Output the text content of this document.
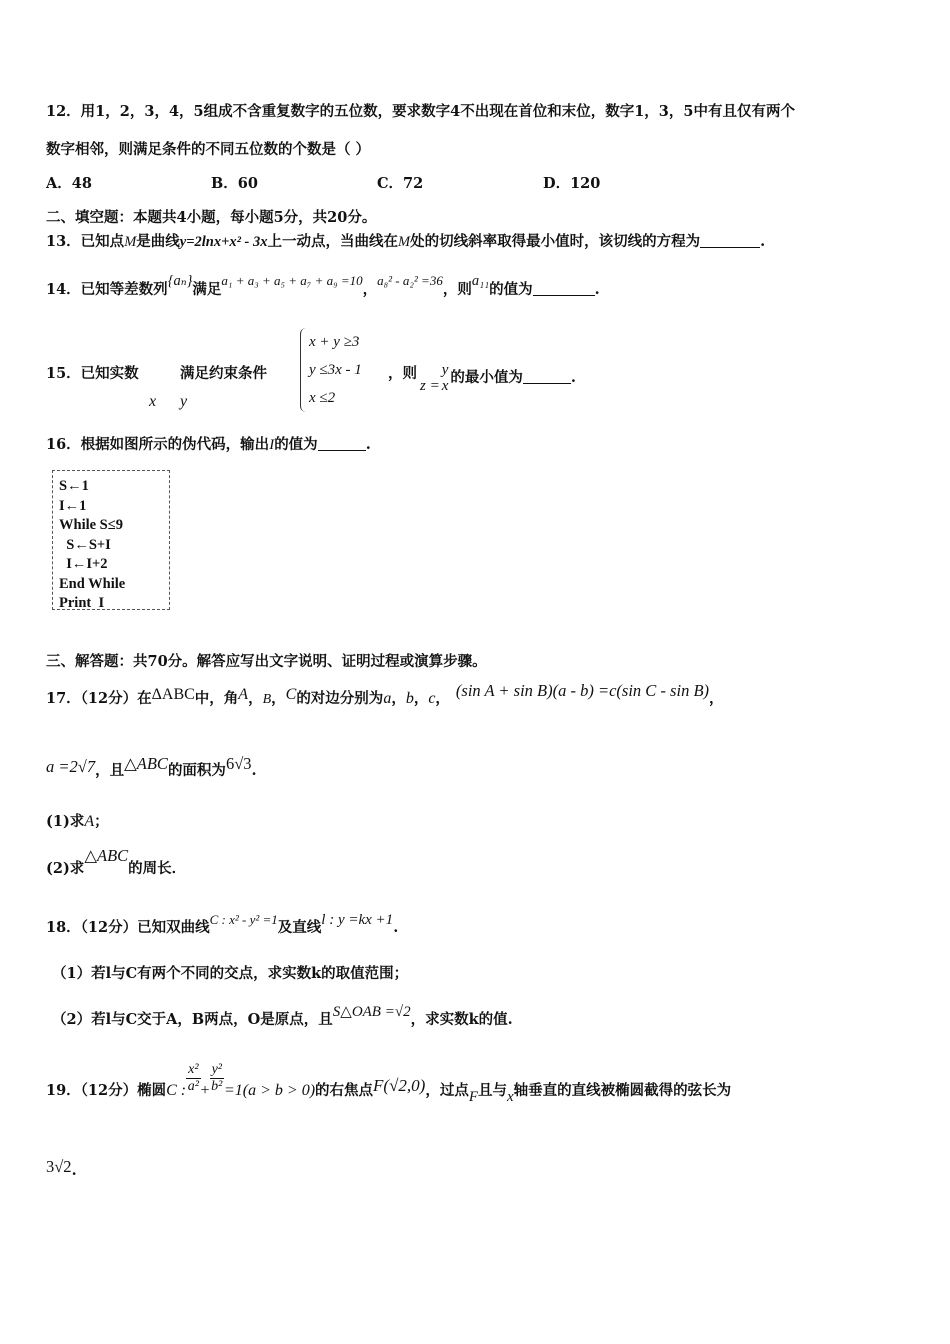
12．用1，2，3，4，5组成不含重复数字的五位数，要求数字4不出现在首位和末位，数字1，3，5中有且仅有两个
数字相邻，则满足条件的不同五位数的个数是（ ）
A．48	B．60	C．72	D．120
二、填空题：本题共4小题，每小题5分，共20分。
13．已知点M是曲线y=2lnx+x² - 3x上一动点，当曲线在M处的切线斜率取得最小值时，该切线的方程为	.
14．已知等差数列{aₙ}满足a₁ + a₃ + a₅ + a₇ + a₉ =10，a₈² - a₂² =36，则a₁₁的值为	.
15．已知实数
x y
满足约束条件
x + y ≥3
y ≤3x - 1
x ≤2
，则
z =
y
x 的最小值为	.
16．根据如图所示的伪代码，输出I的值为	.
S←1
I←1
While S≤9
S←S+I
I←I+2
End While
Print  I
三、解答题：共70分。解答应写出文字说明、证明过程或演算步骤。
17．（12分）在ΔABC中，角A，B，C的对边分别为a，b，c， (sin A + sin B)(a - b) =c(sin C - sin B)，
a =2√7，且△ABC的面积为6√3.
(1)求A；
(2)求△ABC的周长．
18．（12分）已知双曲线C : x² - y² =1及直线l : y =kx +1.
（1）若l与C有两个不同的交点，求实数k的取值范围；
（2）若l与C交于A，B两点，O是原点，且S△OAB =√2，求实数k的值.
19．（12分）椭圆C : $\frac{\text{x²}}{\text{a²}} + \frac{\text{y²}}{\text{b²}} =1(a > b > 0)$的右焦点F(√2,0)，过点F且与x轴垂直的直线被椭圆截得的弦长为
3√2.
